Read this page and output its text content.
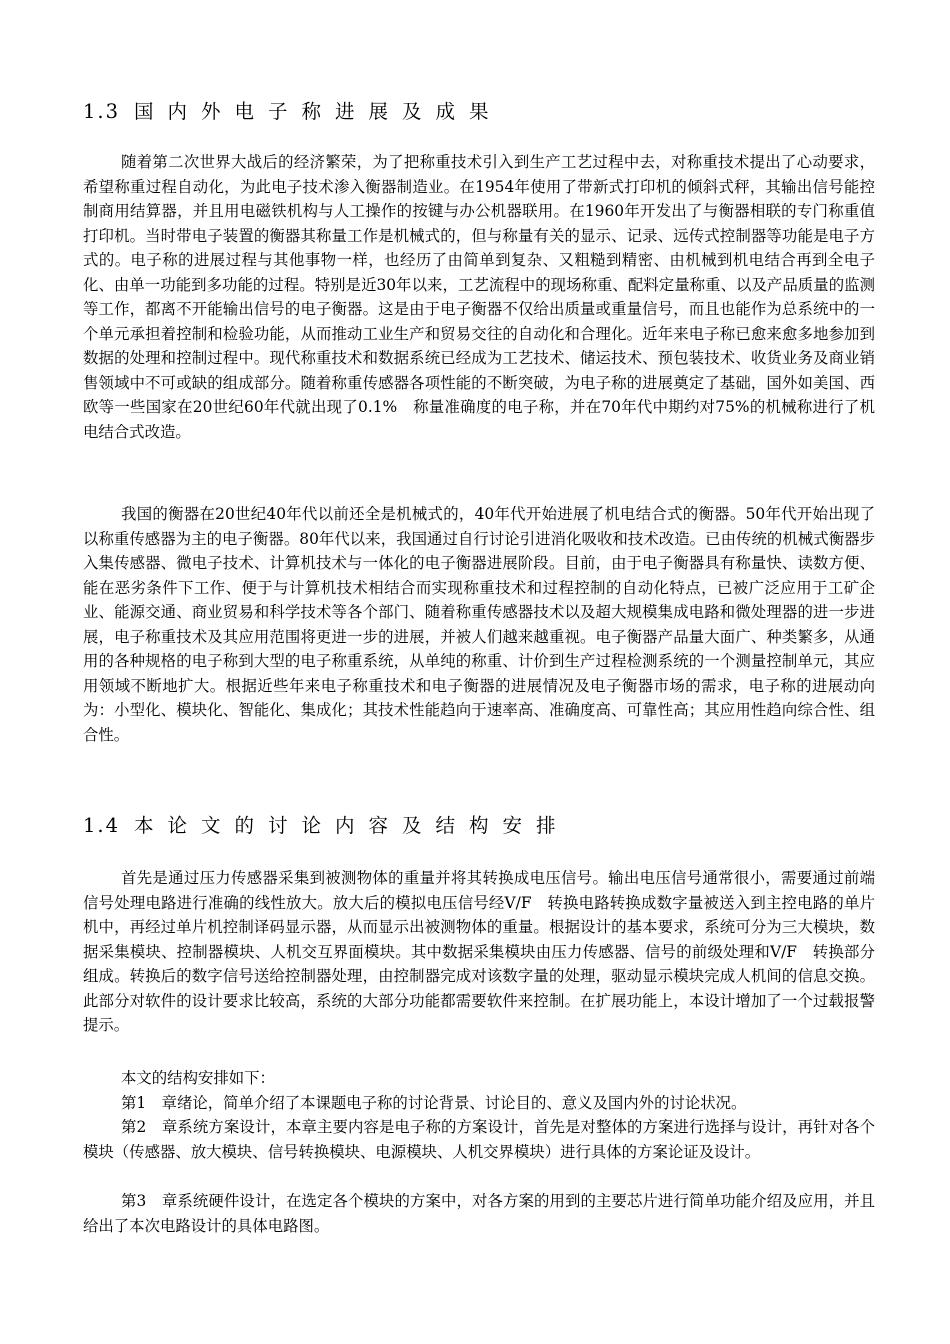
1.3 国内外电子称进展及成果

随着第二次世界大战后的经济繁荣，为了把称重技术引入到生产工艺过程中去，对称重技术提出了心动要求，希望称重过程自动化，为此电子技术渗入衡器制造业。在1954年使用了带新式打印机的倾斜式秤，其输出信号能控制商用结算器，并且用电磁铁机构与人工操作的按键与办公机器联用。在1960年开发出了与衡器相联的专门称重值打印机。当时带电子装置的衡器其称量工作是机械式的，但与称量有关的显示、记录、远传式控制器等功能是电子方式的。电子称的进展过程与其他事物一样，也经历了由简单到复杂、又粗糙到精密、由机械到机电结合再到全电子化、由单一功能到多功能的过程。特别是近30年以来，工艺流程中的现场称重、配料定量称重、以及产品质量的监测等工作，都离不开能输出信号的电子衡器。这是由于电子衡器不仅给出质量或重量信号，而且也能作为总系统中的一个单元承担着控制和检验功能，从而推动工业生产和贸易交往的自动化和合理化。近年来电子称已愈来愈多地参加到数据的处理和控制过程中。现代称重技术和数据系统已经成为工艺技术、储运技术、预包装技术、收货业务及商业销售领域中不可或缺的组成部分。随着称重传感器各项性能的不断突破，为电子称的进展奠定了基础，国外如美国、西欧等一些国家在20世纪60年代就出现了0.1%　称量准确度的电子称，并在70年代中期约对75%的机械称进行了机电结合式改造。

我国的衡器在20世纪40年代以前还全是机械式的，40年代开始进展了机电结合式的衡器。50年代开始出现了以称重传感器为主的电子衡器。80年代以来，我国通过自行讨论引进消化吸收和技术改造。已由传统的机械式衡器步入集传感器、微电子技术、计算机技术与一体化的电子衡器进展阶段。目前，由于电子衡器具有称量快、读数方便、能在恶劣条件下工作、便于与计算机技术相结合而实现称重技术和过程控制的自动化特点，已被广泛应用于工矿企业、能源交通、商业贸易和科学技术等各个部门、随着称重传感器技术以及超大规模集成电路和微处理器的进一步进展，电子称重技术及其应用范围将更进一步的进展，并被人们越来越重视。电子衡器产品量大面广、种类繁多，从通用的各种规格的电子称到大型的电子称重系统，从单纯的称重、计价到生产过程检测系统的一个测量控制单元，其应用领域不断地扩大。根据近些年来电子称重技术和电子衡器的进展情况及电子衡器市场的需求，电子称的进展动向为：小型化、模块化、智能化、集成化；其技术性能趋向于速率高、准确度高、可靠性高；其应用性趋向综合性、组合性。

1.4 本论文的讨论内容及结构安排

首先是通过压力传感器采集到被测物体的重量并将其转换成电压信号。输出电压信号通常很小，需要通过前端信号处理电路进行准确的线性放大。放大后的模拟电压信号经V/F　转换电路转换成数字量被送入到主控电路的单片机中，再经过单片机控制译码显示器，从而显示出被测物体的重量。根据设计的基本要求，系统可分为三大模块，数据采集模块、控制器模块、人机交互界面模块。其中数据采集模块由压力传感器、信号的前级处理和V/F　转换部分组成。转换后的数字信号送给控制器处理，由控制器完成对该数字量的处理，驱动显示模块完成人机间的信息交换。此部分对软件的设计要求比较高，系统的大部分功能都需要软件来控制。在扩展功能上，本设计增加了一个过载报警提示。

本文的结构安排如下：

第1　章绪论，简单介绍了本课题电子称的讨论背景、讨论目的、意义及国内外的讨论状况。

第2　章系统方案设计，本章主要内容是电子称的方案设计，首先是对整体的方案进行选择与设计，再针对各个模块（传感器、放大模块、信号转换模块、电源模块、人机交界模块）进行具体的方案论证及设计。

第3　章系统硬件设计，在选定各个模块的方案中，对各方案的用到的主要芯片进行简单功能介绍及应用，并且给出了本次电路设计的具体电路图。
